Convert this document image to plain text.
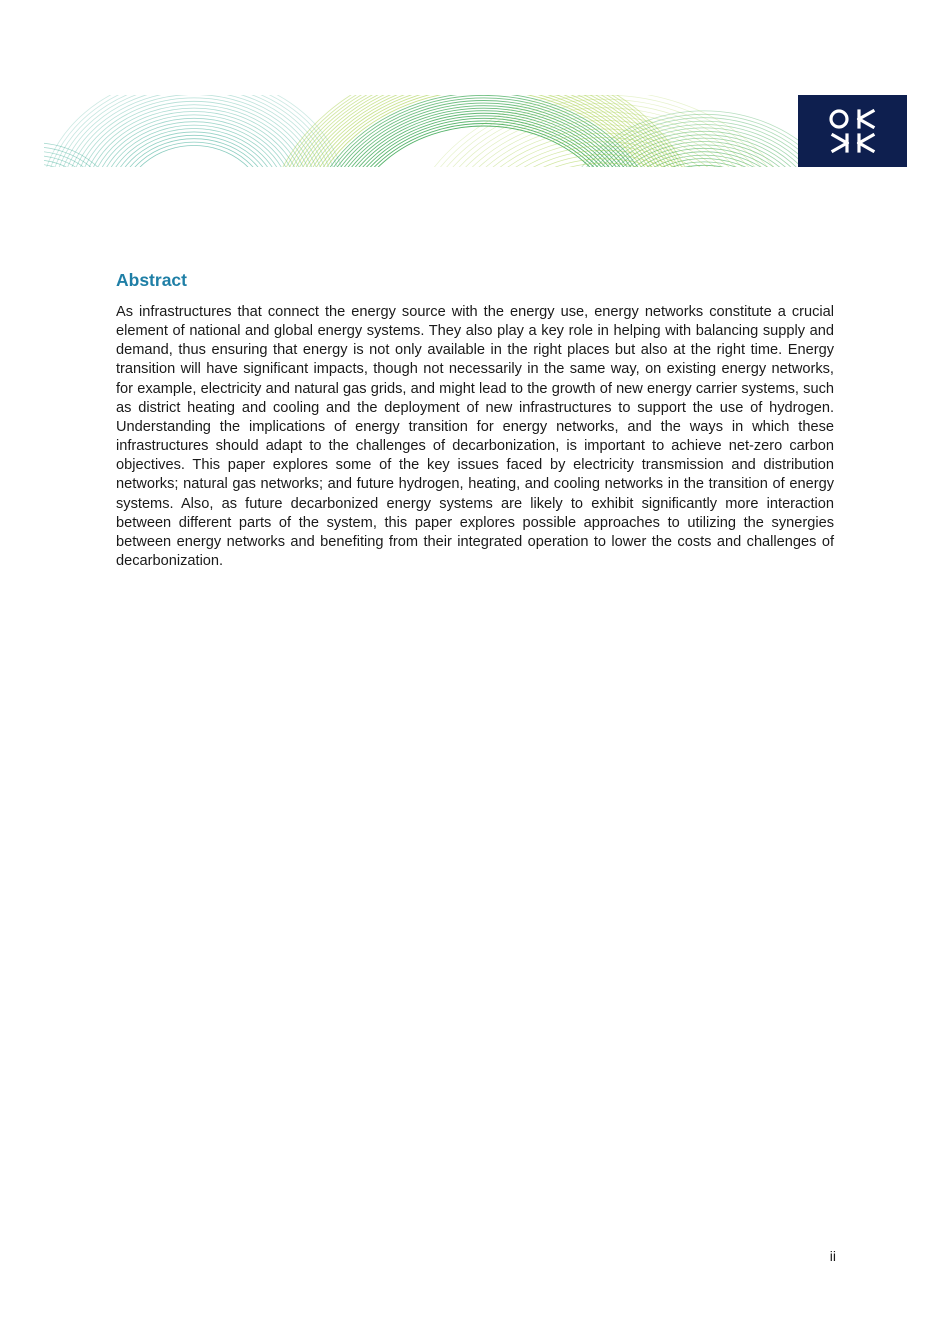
Abstract

As infrastructures that connect the energy source with the energy use, energy networks constitute a crucial element of national and global energy systems. They also play a key role in helping with balancing supply and demand, thus ensuring that energy is not only available in the right places but also at the right time. Energy transition will have significant impacts, though not necessarily in the same way, on existing energy networks, for example, electricity and natural gas grids, and might lead to the growth of new energy carrier systems, such as district heating and cooling and the deployment of new infrastructures to support the use of hydrogen. Understanding the implications of energy transition for energy networks, and the ways in which these infrastructures should adapt to the challenges of decarbonization, is important to achieve net-zero carbon objectives. This paper explores some of the key issues faced by electricity transmission and distribution networks; natural gas networks; and future hydrogen, heating, and cooling networks in the transition of energy systems. Also, as future decarbonized energy systems are likely to exhibit significantly more interaction between different parts of the system, this paper explores possible approaches to utilizing the synergies between energy networks and benefiting from their integrated operation to lower the costs and challenges of decarbonization.

ii
